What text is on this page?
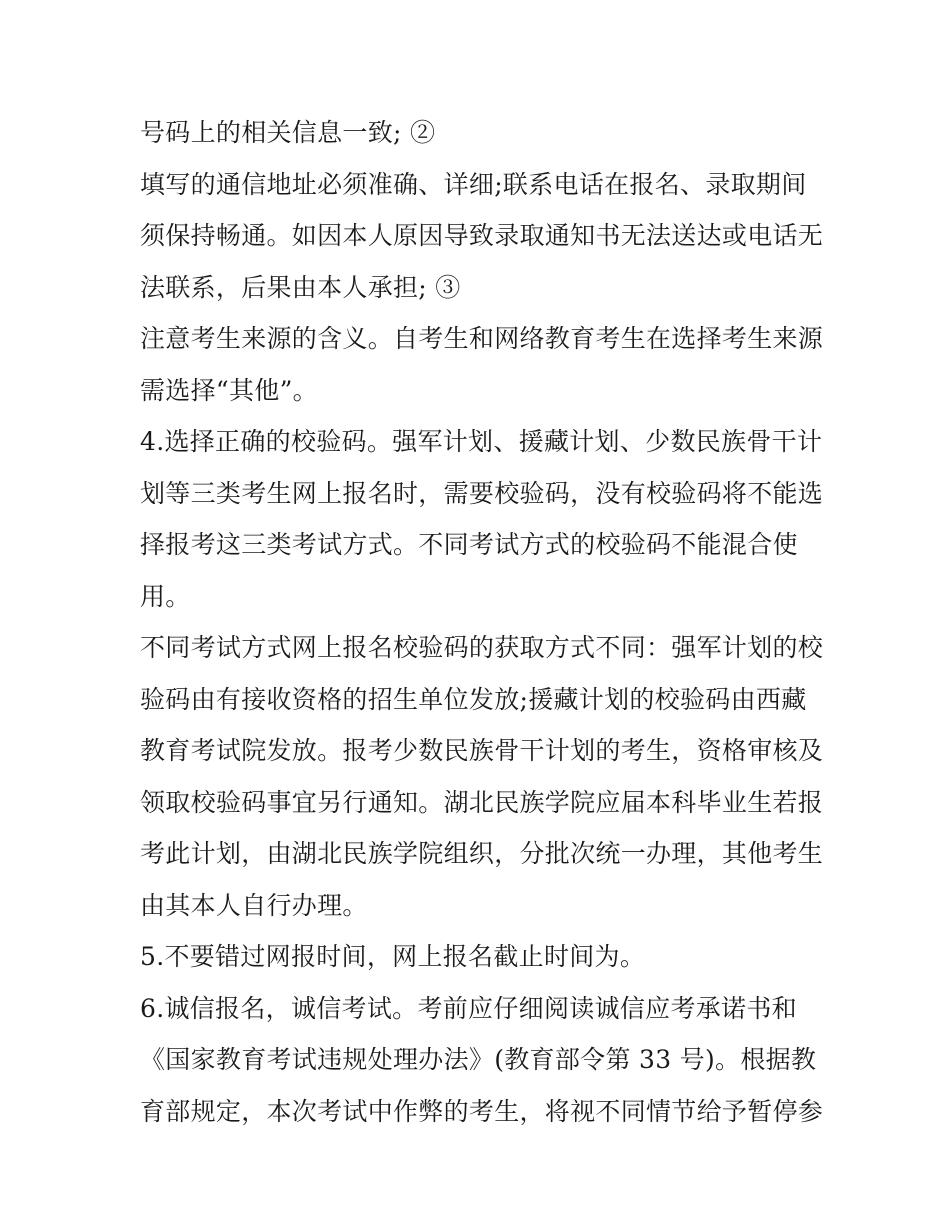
号码上的相关信息一致; ②
填写的通信地址必须准确、详细;联系电话在报名、录取期间
须保持畅通。如因本人原因导致录取通知书无法送达或电话无
法联系，后果由本人承担; ③
注意考生来源的含义。自考生和网络教育考生在选择考生来源
需选择“其他”。
4.选择正确的校验码。强军计划、援藏计划、少数民族骨干计
划等三类考生网上报名时，需要校验码，没有校验码将不能选
择报考这三类考试方式。不同考试方式的校验码不能混合使
用。
不同考试方式网上报名校验码的获取方式不同：强军计划的校
验码由有接收资格的招生单位发放;援藏计划的校验码由西藏
教育考试院发放。报考少数民族骨干计划的考生，资格审核及
领取校验码事宜另行通知。湖北民族学院应届本科毕业生若报
考此计划，由湖北民族学院组织，分批次统一办理，其他考生
由其本人自行办理。
5.不要错过网报时间，网上报名截止时间为。
6.诚信报名，诚信考试。考前应仔细阅读诚信应考承诺书和
《国家教育考试违规处理办法》(教育部令第 33 号)。根据教
育部规定，本次考试中作弊的考生，将视不同情节给予暂停参
